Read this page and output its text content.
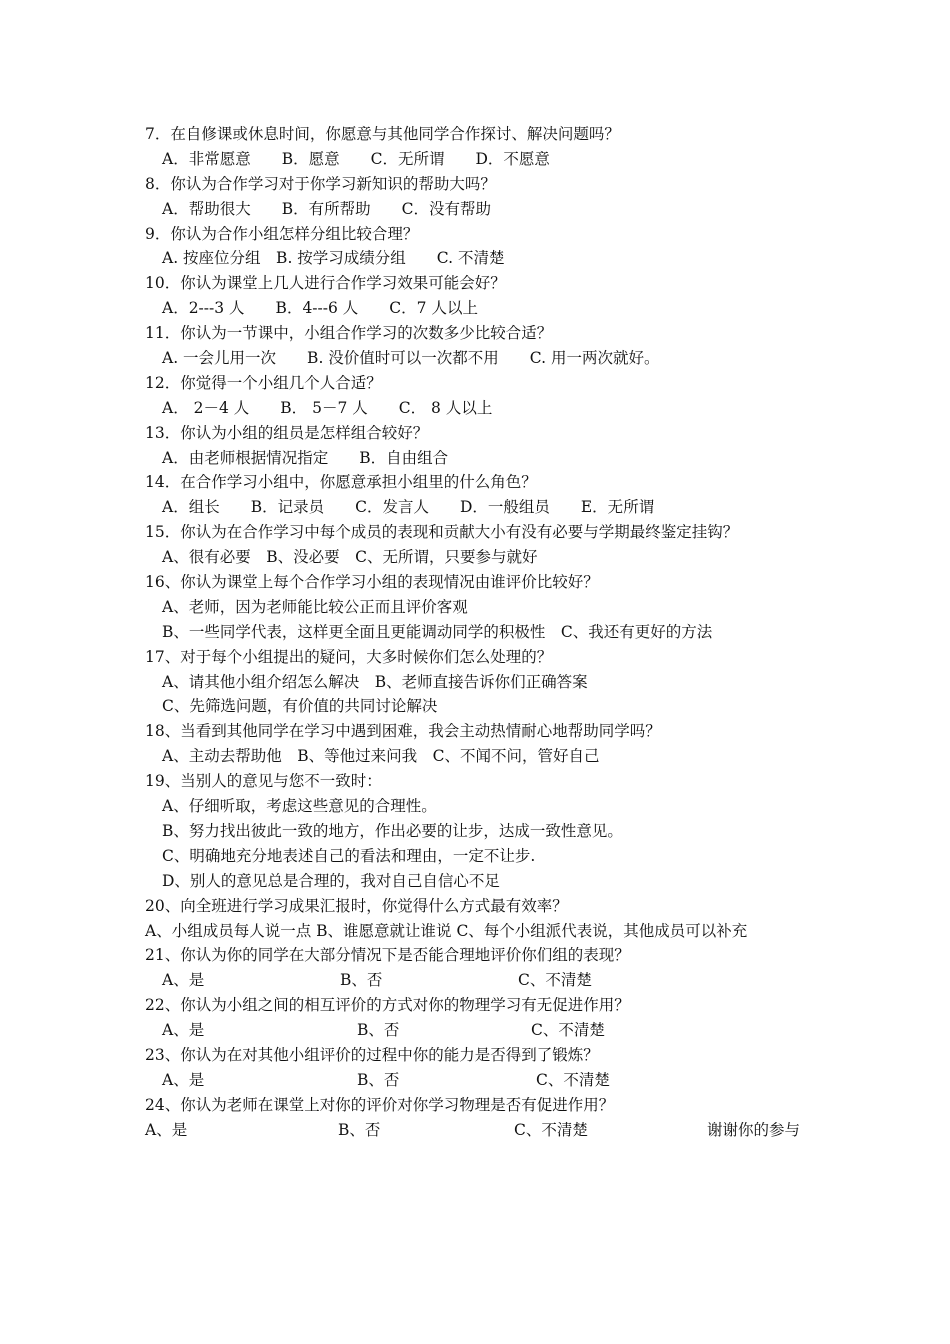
7．在自修课或休息时间，你愿意与其他同学合作探讨、解决问题吗？
A．非常愿意　　B．愿意　　C．无所谓　　D．不愿意
8．你认为合作学习对于你学习新知识的帮助大吗？
A．帮助很大　　B．有所帮助　　C．没有帮助
9．你认为合作小组怎样分组比较合理？
A. 按座位分组　B. 按学习成绩分组　　C. 不清楚
10．你认为课堂上几人进行合作学习效果可能会好？
A．2---3 人　　B．4---6 人　　C．7 人以上
11．你认为一节课中，小组合作学习的次数多少比较合适？
A. 一会儿用一次　　B. 没价值时可以一次都不用　　C. 用一两次就好。
12．你觉得一个小组几个人合适？
A． 2－4 人　　B． 5－7 人　　C． 8 人以上
13．你认为小组的组员是怎样组合较好？
A．由老师根据情况指定　　B．自由组合
14．在合作学习小组中，你愿意承担小组里的什么角色？
A．组长　　B．记录员　　C．发言人　　D．一般组员　　E．无所谓
15．你认为在合作学习中每个成员的表现和贡献大小有没有必要与学期最终鉴定挂钩？
A、很有必要　B、没必要　C、无所谓，只要参与就好
16、你认为课堂上每个合作学习小组的表现情况由谁评价比较好？
A、老师，因为老师能比较公正而且评价客观
B、一些同学代表，这样更全面且更能调动同学的积极性　C、我还有更好的方法
17、对于每个小组提出的疑问，大多时候你们怎么处理的？
A、请其他小组介绍怎么解决　B、老师直接告诉你们正确答案
C、先筛选问题，有价值的共同讨论解决
18、当看到其他同学在学习中遇到困难，我会主动热情耐心地帮助同学吗？
A、主动去帮助他　B、等他过来问我　C、不闻不问，管好自己
19、当别人的意见与您不一致时：
A、仔细听取，考虑这些意见的合理性。
B、努力找出彼此一致的地方，作出必要的让步，达成一致性意见。
C、明确地充分地表述自己的看法和理由，一定不让步.
D、别人的意见总是合理的，我对自己自信心不足
20、向全班进行学习成果汇报时，你觉得什么方式最有效率？
A、小组成员每人说一点 B、谁愿意就让谁说 C、每个小组派代表说，其他成员可以补充
21、你认为你的同学在大部分情况下是否能合理地评价你们组的表现？

A、是

	B、否

	C、不清楚

22、你认为小组之间的相互评价的方式对你的物理学习有无促进作用？

A、是

	B、否

	C、不清楚

23、你认为在对其他小组评价的过程中你的能力是否得到了锻炼？

A、是

	B、否

	C、不清楚

24、你认为老师在课堂上对你的评价对你学习物理是否有促进作用？

A、是

	B、否

	C、不清楚

	谢谢你的参与
